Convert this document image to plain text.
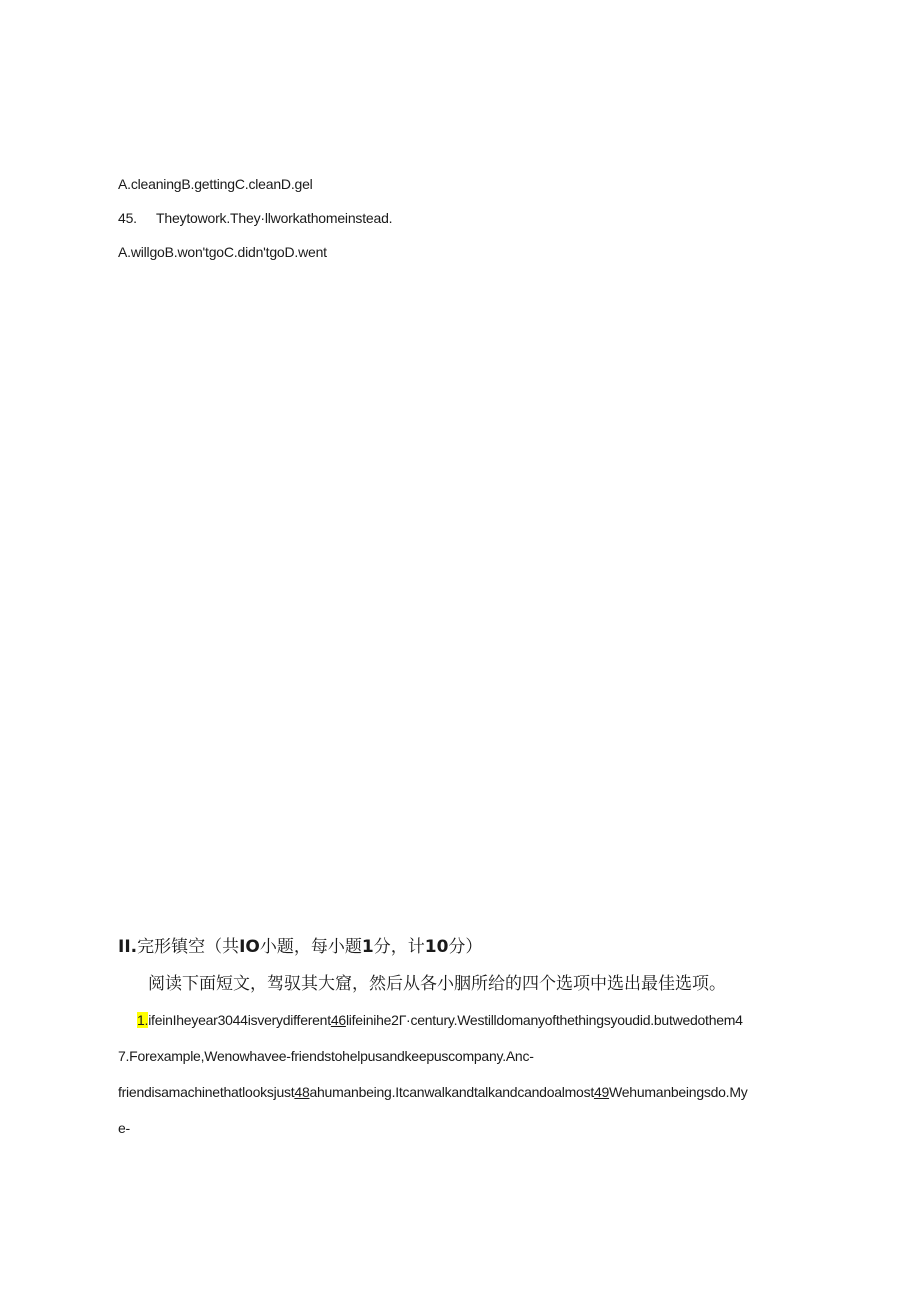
A.cleaningB.gettingC.cleanD.gel
45. Theytowork.They·llworkathomeinstead.
A.willgoB.won'tgoC.didn'tgoD.went
II.完形镇空（共IO小题，每小题1分，计10分）
阅读下面短文，驾驭其大窟，然后从各小胭所给的四个选项中选出最佳选项。
1.ifeinIheyear3044isverydifferent46lifeinihe2Г·century.Westilldomanyofthethingsyoudid.butwedothem4
7.Forexample,Wenowhavee-friendstohelpusandkeepuscompany.Anc-
friendisamachinethatlooksjust48ahumanbeing.Itcanwalkandtalkandcandoalmost49Wehumanbeingsdo.My
e-
